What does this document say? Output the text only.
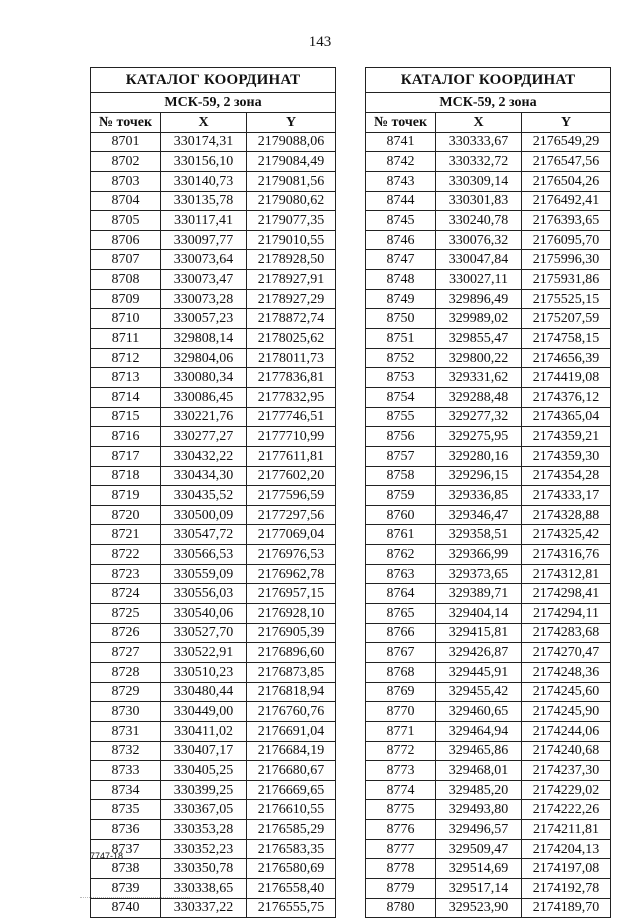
143
КАТАЛОГ КООРДИНАТ		
МСК-59, 2 зона		
№ точек	X	Y
8701	330174,31	2179088,06
8702	330156,10	2179084,49
8703	330140,73	2179081,56
8704	330135,78	2179080,62
8705	330117,41	2179077,35
8706	330097,77	2179010,55
8707	330073,64	2178928,50
8708	330073,47	2178927,91
8709	330073,28	2178927,29
8710	330057,23	2178872,74
8711	329808,14	2178025,62
8712	329804,06	2178011,73
8713	330080,34	2177836,81
8714	330086,45	2177832,95
8715	330221,76	2177746,51
8716	330277,27	2177710,99
8717	330432,22	2177611,81
8718	330434,30	2177602,20
8719	330435,52	2177596,59
8720	330500,09	2177297,56
8721	330547,72	2177069,04
8722	330566,53	2176976,53
8723	330559,09	2176962,78
8724	330556,03	2176957,15
8725	330540,06	2176928,10
8726	330527,70	2176905,39
8727	330522,91	2176896,60
8728	330510,23	2176873,85
8729	330480,44	2176818,94
8730	330449,00	2176760,76
8731	330411,02	2176691,04
8732	330407,17	2176684,19
8733	330405,25	2176680,67
8734	330399,25	2176669,65
8735	330367,05	2176610,55
8736	330353,28	2176585,29
8737	330352,23	2176583,35
8738	330350,78	2176580,69
8739	330338,65	2176558,40
8740	330337,22	2176555,75
КАТАЛОГ КООРДИНАТ		
МСК-59, 2 зона		
№ точек	X	Y
8741	330333,67	2176549,29
8742	330332,72	2176547,56
8743	330309,14	2176504,26
8744	330301,83	2176492,41
8745	330240,78	2176393,65
8746	330076,32	2176095,70
8747	330047,84	2175996,30
8748	330027,11	2175931,86
8749	329896,49	2175525,15
8750	329989,02	2175207,59
8751	329855,47	2174758,15
8752	329800,22	2174656,39
8753	329331,62	2174419,08
8754	329288,48	2174376,12
8755	329277,32	2174365,04
8756	329275,95	2174359,21
8757	329280,16	2174359,30
8758	329296,15	2174354,28
8759	329336,85	2174333,17
8760	329346,47	2174328,88
8761	329358,51	2174325,42
8762	329366,99	2174316,76
8763	329373,65	2174312,81
8764	329389,71	2174298,41
8765	329404,14	2174294,11
8766	329415,81	2174283,68
8767	329426,87	2174270,47
8768	329445,91	2174248,36
8769	329455,42	2174245,60
8770	329460,65	2174245,90
8771	329464,94	2174244,06
8772	329465,86	2174240,68
8773	329468,01	2174237,30
8774	329485,20	2174229,02
8775	329493,80	2174222,26
8776	329496,57	2174211,81
8777	329509,47	2174204,13
8778	329514,69	2174197,08
8779	329517,14	2174192,78
8780	329523,90	2174189,70
7747-18
